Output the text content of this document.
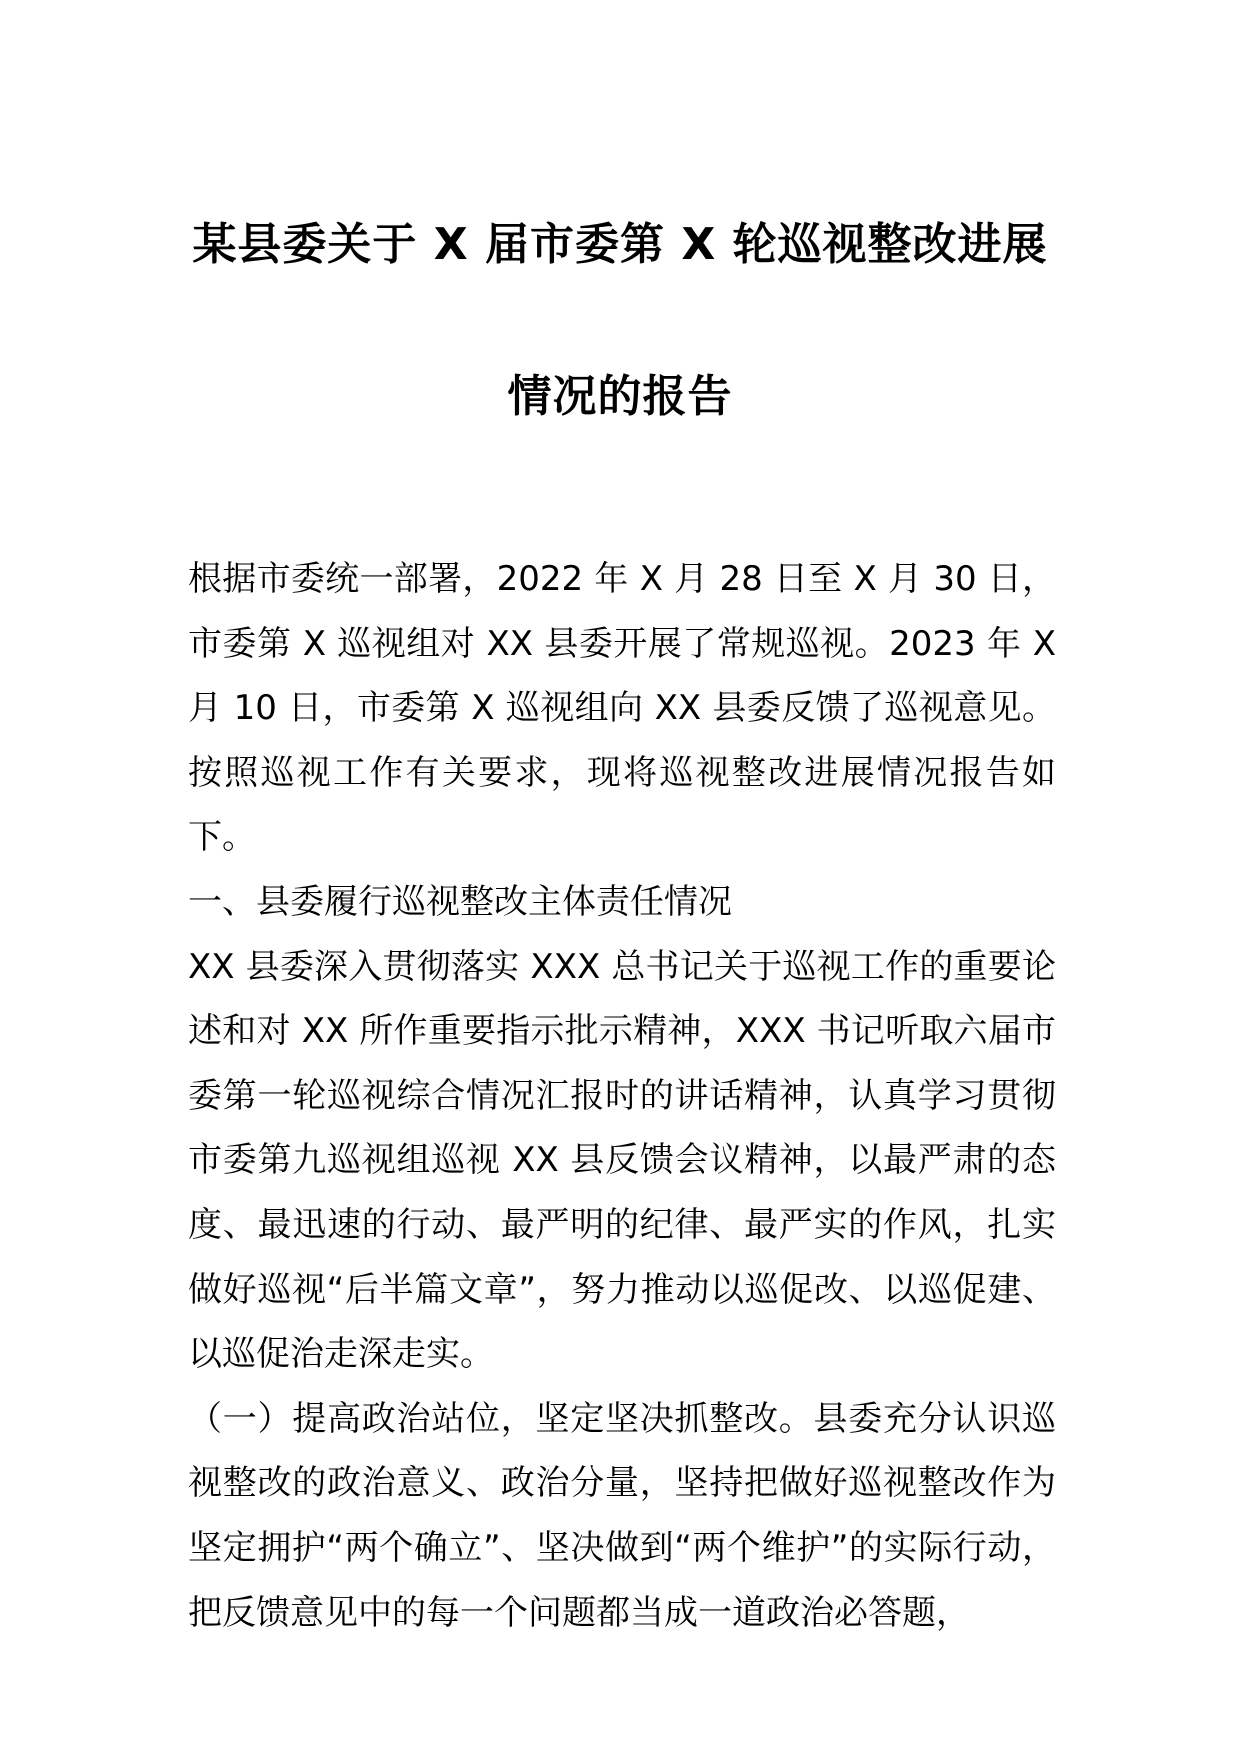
某县委关于 X 届市委第 X 轮巡视整改进展
情况的报告

根据市委统一部署，2022 年 X 月 28 日至 X 月 30 日，市委第 X 巡视组对 XX 县委开展了常规巡视。2023 年 X 月 10 日，市委第 X 巡视组向 XX 县委反馈了巡视意见。按照巡视工作有关要求，现将巡视整改进展情况报告如下。

一、县委履行巡视整改主体责任情况

XX 县委深入贯彻落实 XXX 总书记关于巡视工作的重要论述和对 XX 所作重要指示批示精神，XXX 书记听取六届市委第一轮巡视综合情况汇报时的讲话精神，认真学习贯彻市委第九巡视组巡视 XX 县反馈会议精神，以最严肃的态度、最迅速的行动、最严明的纪律、最严实的作风，扎实做好巡视“后半篇文章”，努力推动以巡促改、以巡促建、以巡促治走深走实。

（一）提高政治站位，坚定坚决抓整改。县委充分认识巡视整改的政治意义、政治分量，坚持把做好巡视整改作为坚定拥护“两个确立”、坚决做到“两个维护”的实际行动，把反馈意见中的每一个问题都当成一道政治必答题，
